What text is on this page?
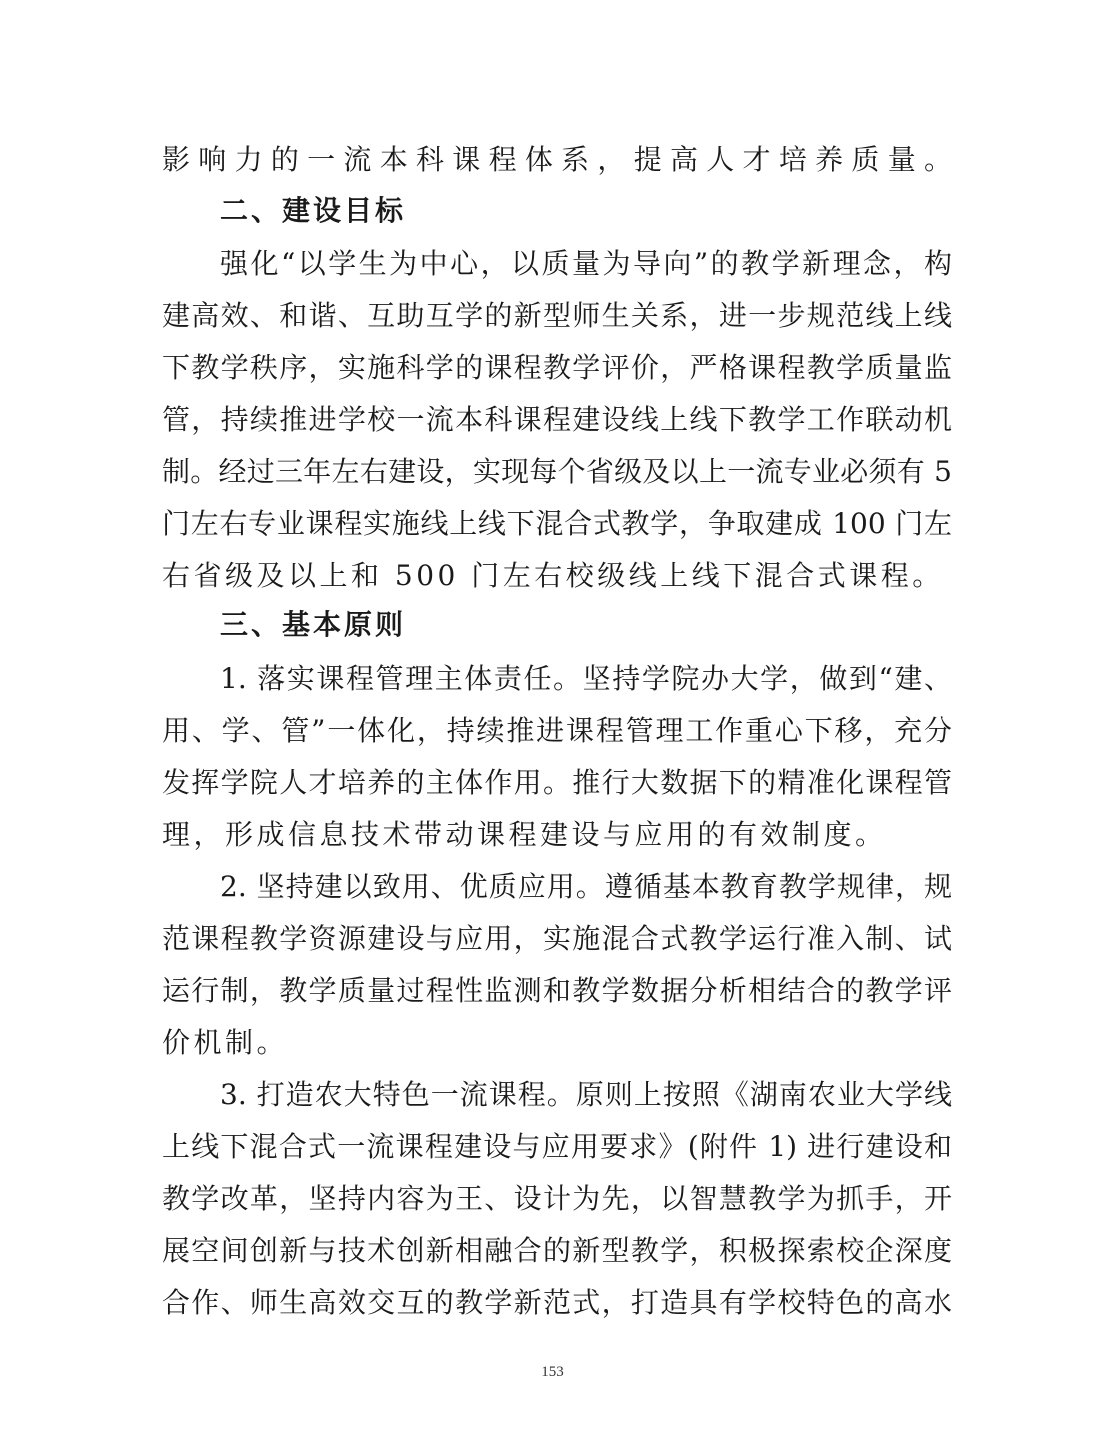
影响力的一流本科课程体系，提高人才培养质量。
二、建设目标
强化“以学生为中心，以质量为导向”的教学新理念，构
建高效、和谐、互助互学的新型师生关系，进一步规范线上线
下教学秩序，实施科学的课程教学评价，严格课程教学质量监
管，持续推进学校一流本科课程建设线上线下教学工作联动机
制。经过三年左右建设，实现每个省级及以上一流专业必须有 5
门左右专业课程实施线上线下混合式教学，争取建成 100 门左
右省级及以上和 500 门左右校级线上线下混合式课程。
三、基本原则
1. 落实课程管理主体责任。坚持学院办大学，做到“建、
用、学、管”一体化，持续推进课程管理工作重心下移，充分
发挥学院人才培养的主体作用。推行大数据下的精准化课程管
理，形成信息技术带动课程建设与应用的有效制度。
2. 坚持建以致用、优质应用。遵循基本教育教学规律，规
范课程教学资源建设与应用，实施混合式教学运行准入制、试
运行制，教学质量过程性监测和教学数据分析相结合的教学评
价机制。
3. 打造农大特色一流课程。原则上按照《湖南农业大学线
上线下混合式一流课程建设与应用要求》(附件 1) 进行建设和
教学改革，坚持内容为王、设计为先，以智慧教学为抓手，开
展空间创新与技术创新相融合的新型教学，积极探索校企深度
合作、师生高效交互的教学新范式，打造具有学校特色的高水
153
